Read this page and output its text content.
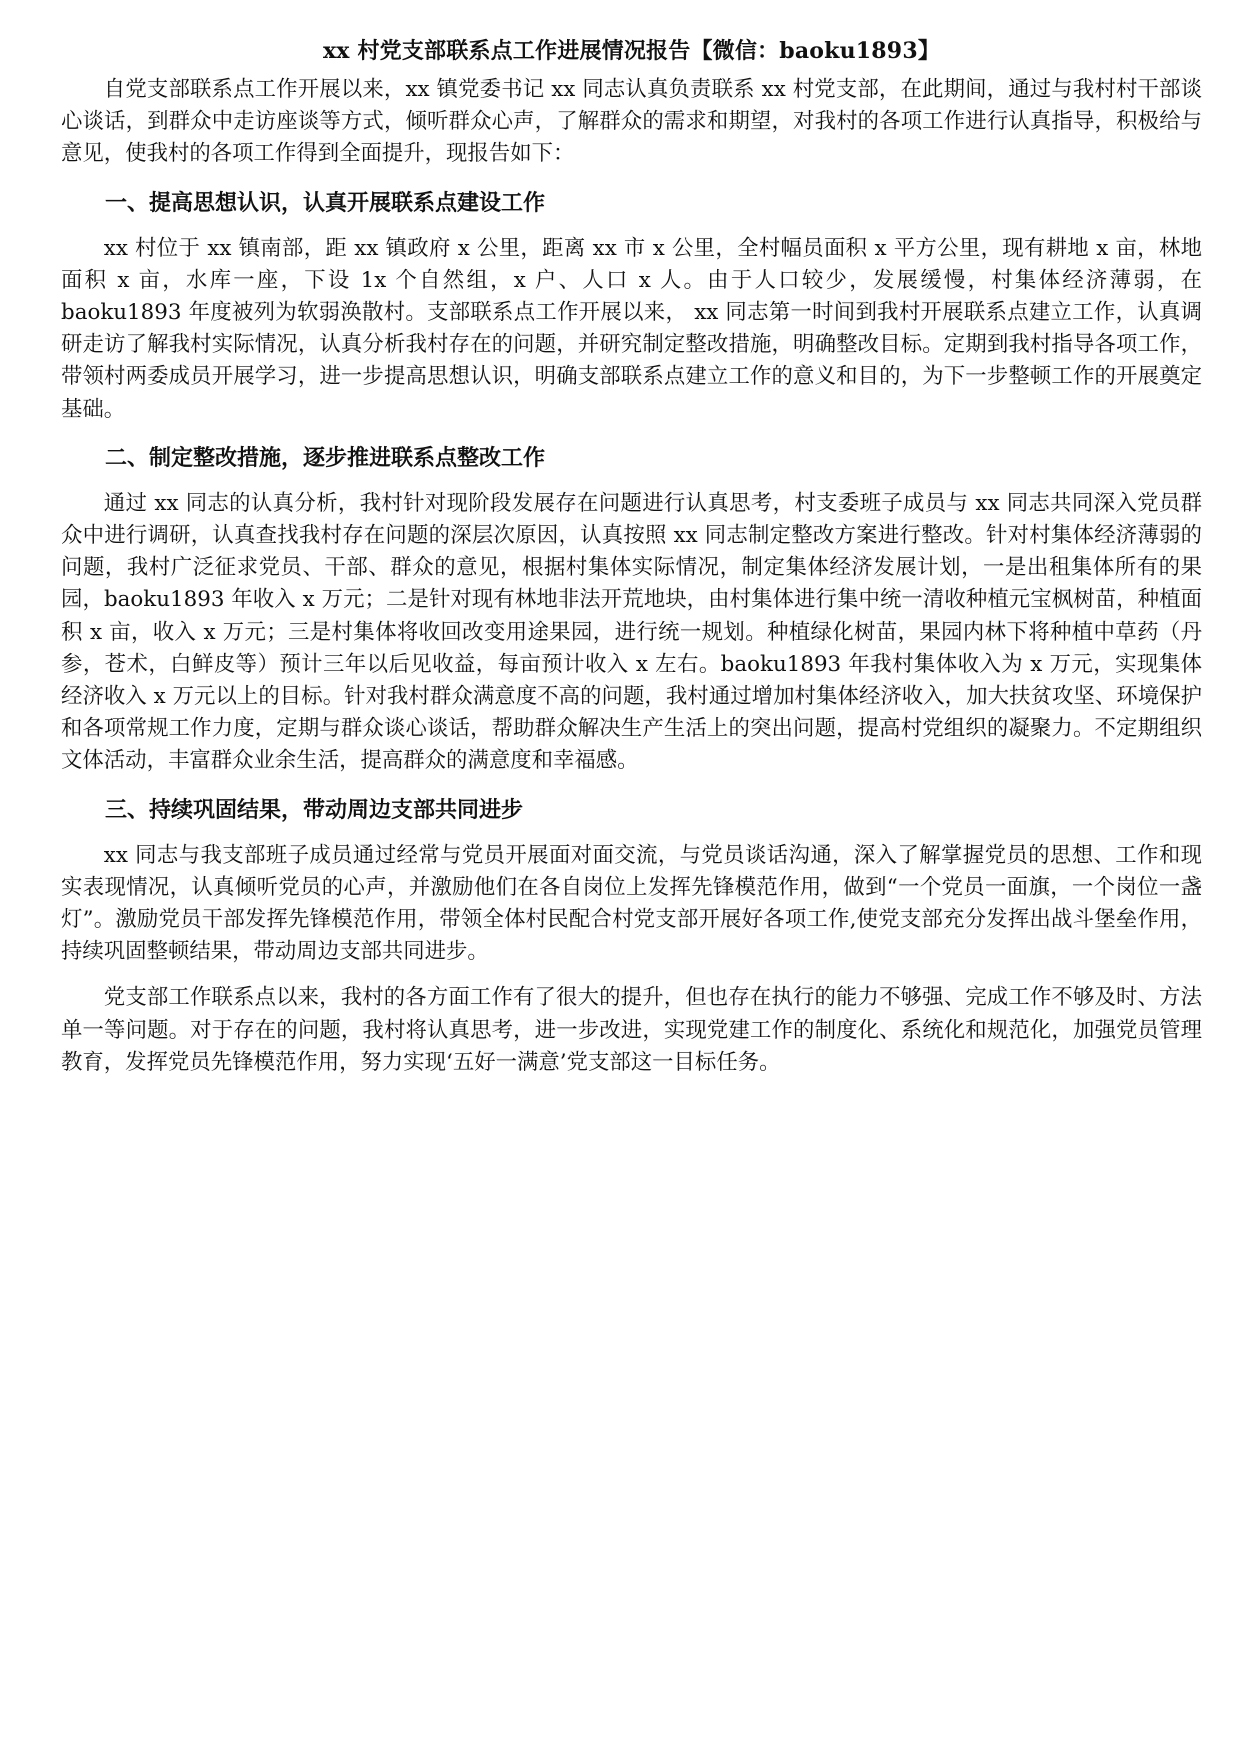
xx 村党支部联系点工作进展情况报告【微信：baoku1893】

自党支部联系点工作开展以来，xx 镇党委书记 xx 同志认真负责联系 xx 村党支部，在此期间，通过与我村村干部谈心谈话，到群众中走访座谈等方式，倾听群众心声，了解群众的需求和期望，对我村的各项工作进行认真指导，积极给与意见，使我村的各项工作得到全面提升，现报告如下：

一、提高思想认识，认真开展联系点建设工作

xx 村位于 xx 镇南部，距 xx 镇政府 x 公里，距离 xx 市 x 公里，全村幅员面积 x 平方公里，现有耕地 x 亩，林地面积 x 亩，水库一座，下设 1x 个自然组，x 户、人口 x 人。由于人口较少，发展缓慢，村集体经济薄弱，在 baoku1893 年度被列为软弱涣散村。支部联系点工作开展以来， xx 同志第一时间到我村开展联系点建立工作，认真调研走访了解我村实际情况，认真分析我村存在的问题，并研究制定整改措施，明确整改目标。定期到我村指导各项工作，带领村两委成员开展学习，进一步提高思想认识，明确支部联系点建立工作的意义和目的，为下一步整顿工作的开展奠定基础。

二、制定整改措施，逐步推进联系点整改工作

通过 xx 同志的认真分析，我村针对现阶段发展存在问题进行认真思考，村支委班子成员与 xx 同志共同深入党员群众中进行调研，认真查找我村存在问题的深层次原因，认真按照 xx 同志制定整改方案进行整改。针对村集体经济薄弱的问题，我村广泛征求党员、干部、群众的意见，根据村集体实际情况，制定集体经济发展计划，一是出租集体所有的果园，baoku1893 年收入 x 万元；二是针对现有林地非法开荒地块，由村集体进行集中统一清收种植元宝枫树苗，种植面积 x 亩，收入 x 万元；三是村集体将收回改变用途果园，进行统一规划。种植绿化树苗，果园内林下将种植中草药（丹参，苍术，白鲜皮等）预计三年以后见收益，每亩预计收入 x 左右。baoku1893 年我村集体收入为 x 万元，实现集体经济收入 x 万元以上的目标。针对我村群众满意度不高的问题，我村通过增加村集体经济收入，加大扶贫攻坚、环境保护和各项常规工作力度，定期与群众谈心谈话，帮助群众解决生产生活上的突出问题，提高村党组织的凝聚力。不定期组织文体活动，丰富群众业余生活，提高群众的满意度和幸福感。

三、持续巩固结果，带动周边支部共同进步

xx 同志与我支部班子成员通过经常与党员开展面对面交流，与党员谈话沟通，深入了解掌握党员的思想、工作和现实表现情况，认真倾听党员的心声，并激励他们在各自岗位上发挥先锋模范作用，做到“一个党员一面旗，一个岗位一盏灯”。激励党员干部发挥先锋模范作用，带领全体村民配合村党支部开展好各项工作,使党支部充分发挥出战斗堡垒作用，持续巩固整顿结果，带动周边支部共同进步。

党支部工作联系点以来，我村的各方面工作有了很大的提升，但也存在执行的能力不够强、完成工作不够及时、方法单一等问题。对于存在的问题，我村将认真思考，进一步改进，实现党建工作的制度化、系统化和规范化，加强党员管理教育，发挥党员先锋模范作用，努力实现‘五好一满意’党支部这一目标任务。
